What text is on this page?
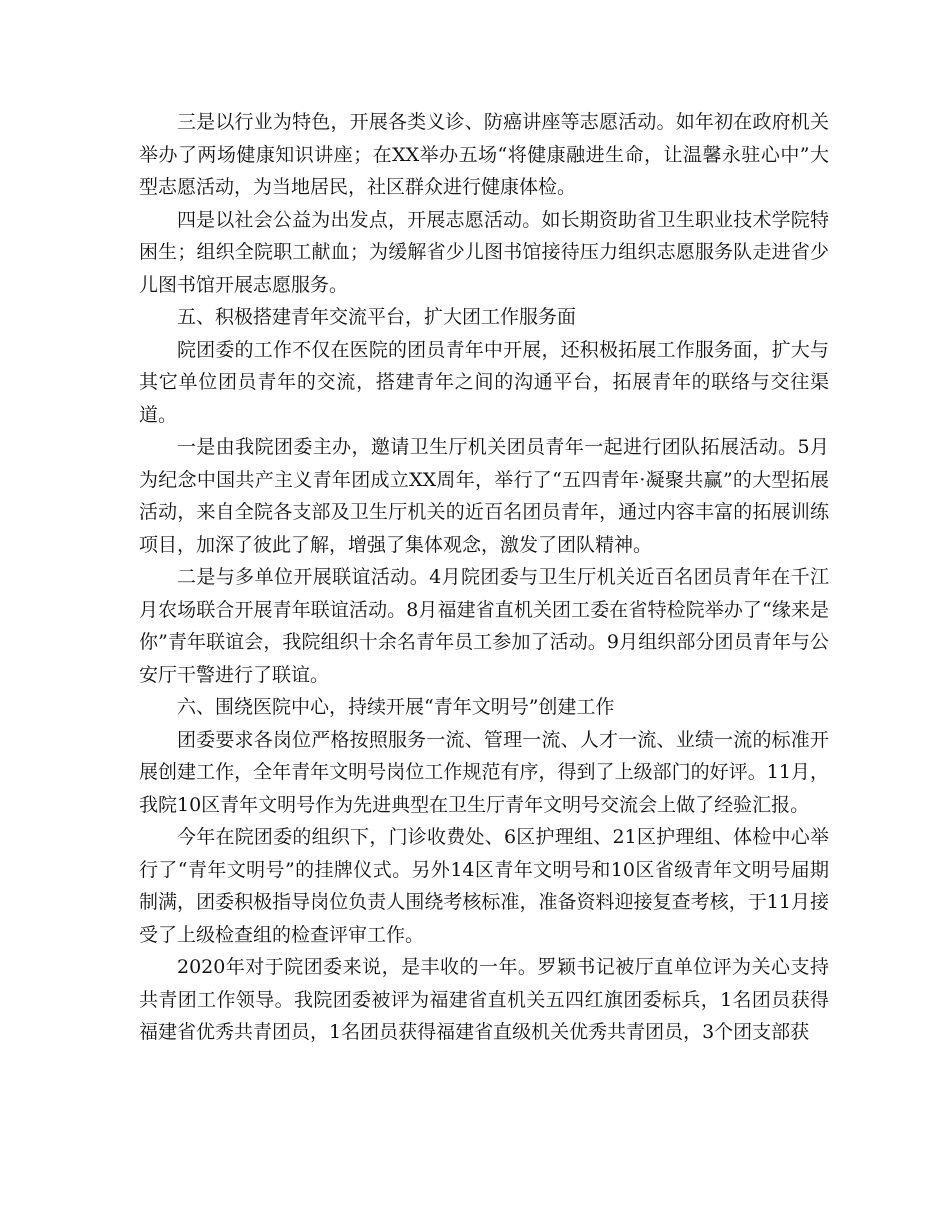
三是以行业为特色，开展各类义诊、防癌讲座等志愿活动。如年初在政府机关举办了两场健康知识讲座；在XX举办五场“将健康融进生命，让温馨永驻心中”大型志愿活动，为当地居民，社区群众进行健康体检。

四是以社会公益为出发点，开展志愿活动。如长期资助省卫生职业技术学院特困生；组织全院职工献血；为缓解省少儿图书馆接待压力组织志愿服务队走进省少儿图书馆开展志愿服务。

五、积极搭建青年交流平台，扩大团工作服务面

院团委的工作不仅在医院的团员青年中开展，还积极拓展工作服务面，扩大与其它单位团员青年的交流，搭建青年之间的沟通平台，拓展青年的联络与交往渠道。

一是由我院团委主办，邀请卫生厅机关团员青年一起进行团队拓展活动。5月为纪念中国共产主义青年团成立XX周年，举行了“五四青年·凝聚共赢”的大型拓展活动，来自全院各支部及卫生厅机关的近百名团员青年，通过内容丰富的拓展训练项目，加深了彼此了解，增强了集体观念，激发了团队精神。

二是与多单位开展联谊活动。4月院团委与卫生厅机关近百名团员青年在千江月农场联合开展青年联谊活动。8月福建省直机关团工委在省特检院举办了“缘来是你”青年联谊会，我院组织十余名青年员工参加了活动。9月组织部分团员青年与公安厅干警进行了联谊。

六、围绕医院中心，持续开展“青年文明号”创建工作

团委要求各岗位严格按照服务一流、管理一流、人才一流、业绩一流的标准开展创建工作，全年青年文明号岗位工作规范有序，得到了上级部门的好评。11月，我院10区青年文明号作为先进典型在卫生厅青年文明号交流会上做了经验汇报。

今年在院团委的组织下，门诊收费处、6区护理组、21区护理组、体检中心举行了“青年文明号”的挂牌仪式。另外14区青年文明号和10区省级青年文明号届期制满，团委积极指导岗位负责人围绕考核标准，准备资料迎接复查考核，于11月接受了上级检查组的检查评审工作。

2020年对于院团委来说，是丰收的一年。罗颖书记被厅直单位评为关心支持共青团工作领导。我院团委被评为福建省直机关五四红旗团委标兵，1名团员获得福建省优秀共青团员，1名团员获得福建省直级机关优秀共青团员，3个团支部获
